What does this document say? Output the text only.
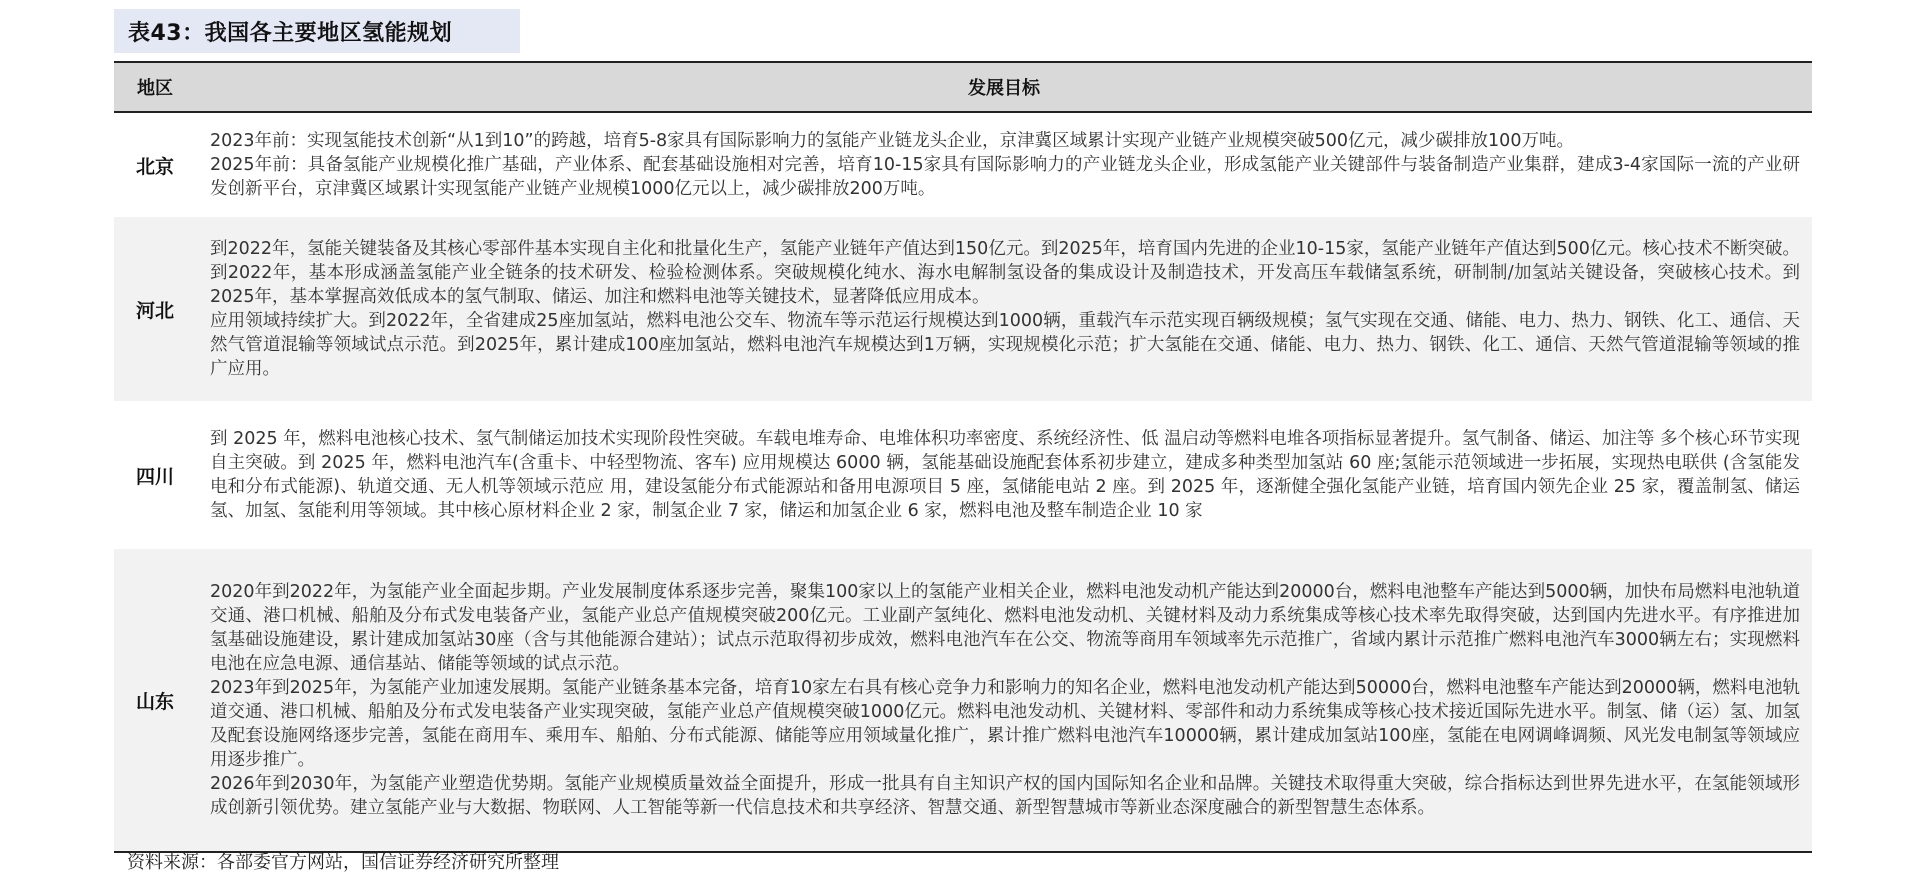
表43：我国各主要地区氢能规划
地区	发展目标
北京
2023年前：实现氢能技术创新“从1到10”的跨越，培育5-8家具有国际影响力的氢能产业链龙头企业，京津冀区域累计实现产业链产业规模突破500亿元，减少碳排放100万吨。
2025年前：具备氢能产业规模化推广基础，产业体系、配套基础设施相对完善，培育10-15家具有国际影响力的产业链龙头企业，形成氢能产业关键部件与装备制造产业集群，建成3-4家国际一流的产业研发创新平台，京津冀区域累计实现氢能产业链产业规模1000亿元以上，减少碳排放200万吨。
河北
到2022年，氢能关键装备及其核心零部件基本实现自主化和批量化生产，氢能产业链年产值达到150亿元。到2025年，培育国内先进的企业10-15家，氢能产业链年产值达到500亿元。核心技术不断突破。到2022年，基本形成涵盖氢能产业全链条的技术研发、检验检测体系。突破规模化纯水、海水电解制氢设备的集成设计及制造技术，开发高压车载储氢系统，研制制/加氢站关键设备，突破核心技术。到2025年，基本掌握高效低成本的氢气制取、储运、加注和燃料电池等关键技术，显著降低应用成本。
应用领域持续扩大。到2022年，全省建成25座加氢站，燃料电池公交车、物流车等示范运行规模达到1000辆，重载汽车示范实现百辆级规模；氢气实现在交通、储能、电力、热力、钢铁、化工、通信、天然气管道混输等领域试点示范。到2025年，累计建成100座加氢站，燃料电池汽车规模达到1万辆，实现规模化示范；扩大氢能在交通、储能、电力、热力、钢铁、化工、通信、天然气管道混输等领域的推广应用。
四川
到 2025 年，燃料电池核心技术、氢气制储运加技术实现阶段性突破。车载电堆寿命、电堆体积功率密度、系统经济性、低 温启动等燃料电堆各项指标显著提升。氢气制备、储运、加注等 多个核心环节实现自主突破。到 2025 年，燃料电池汽车(含重卡、中轻型物流、客车) 应用规模达 6000 辆，氢能基础设施配套体系初步建立，建成多种类型加氢站 60 座;氢能示范领域进一步拓展，实现热电联供 (含氢能发电和分布式能源)、轨道交通、无人机等领域示范应 用，建设氢能分布式能源站和备用电源项目 5 座，氢储能电站 2 座。到 2025 年，逐渐健全强化氢能产业链，培育国内领先企业 25 家，覆盖制氢、储运氢、加氢、氢能利用等领域。其中核心原材料企业 2 家，制氢企业 7 家，储运和加氢企业 6 家，燃料电池及整车制造企业 10 家
山东
2020年到2022年，为氢能产业全面起步期。产业发展制度体系逐步完善，聚集100家以上的氢能产业相关企业，燃料电池发动机产能达到20000台，燃料电池整车产能达到5000辆，加快布局燃料电池轨道交通、港口机械、船舶及分布式发电装备产业，氢能产业总产值规模突破200亿元。工业副产氢纯化、燃料电池发动机、关键材料及动力系统集成等核心技术率先取得突破，达到国内先进水平。有序推进加氢基础设施建设，累计建成加氢站30座（含与其他能源合建站）；试点示范取得初步成效，燃料电池汽车在公交、物流等商用车领域率先示范推广，省域内累计示范推广燃料电池汽车3000辆左右；实现燃料电池在应急电源、通信基站、储能等领域的试点示范。
2023年到2025年，为氢能产业加速发展期。氢能产业链条基本完备，培育10家左右具有核心竞争力和影响力的知名企业，燃料电池发动机产能达到50000台，燃料电池整车产能达到20000辆，燃料电池轨道交通、港口机械、船舶及分布式发电装备产业实现突破，氢能产业总产值规模突破1000亿元。燃料电池发动机、关键材料、零部件和动力系统集成等核心技术接近国际先进水平。制氢、储（运）氢、加氢及配套设施网络逐步完善，氢能在商用车、乘用车、船舶、分布式能源、储能等应用领域量化推广，累计推广燃料电池汽车10000辆，累计建成加氢站100座，氢能在电网调峰调频、风光发电制氢等领域应用逐步推广。
2026年到2030年，为氢能产业塑造优势期。氢能产业规模质量效益全面提升，形成一批具有自主知识产权的国内国际知名企业和品牌。关键技术取得重大突破，综合指标达到世界先进水平，在氢能领域形成创新引领优势。建立氢能产业与大数据、物联网、人工智能等新一代信息技术和共享经济、智慧交通、新型智慧城市等新业态深度融合的新型智慧生态体系。
资料来源：各部委官方网站，国信证券经济研究所整理
